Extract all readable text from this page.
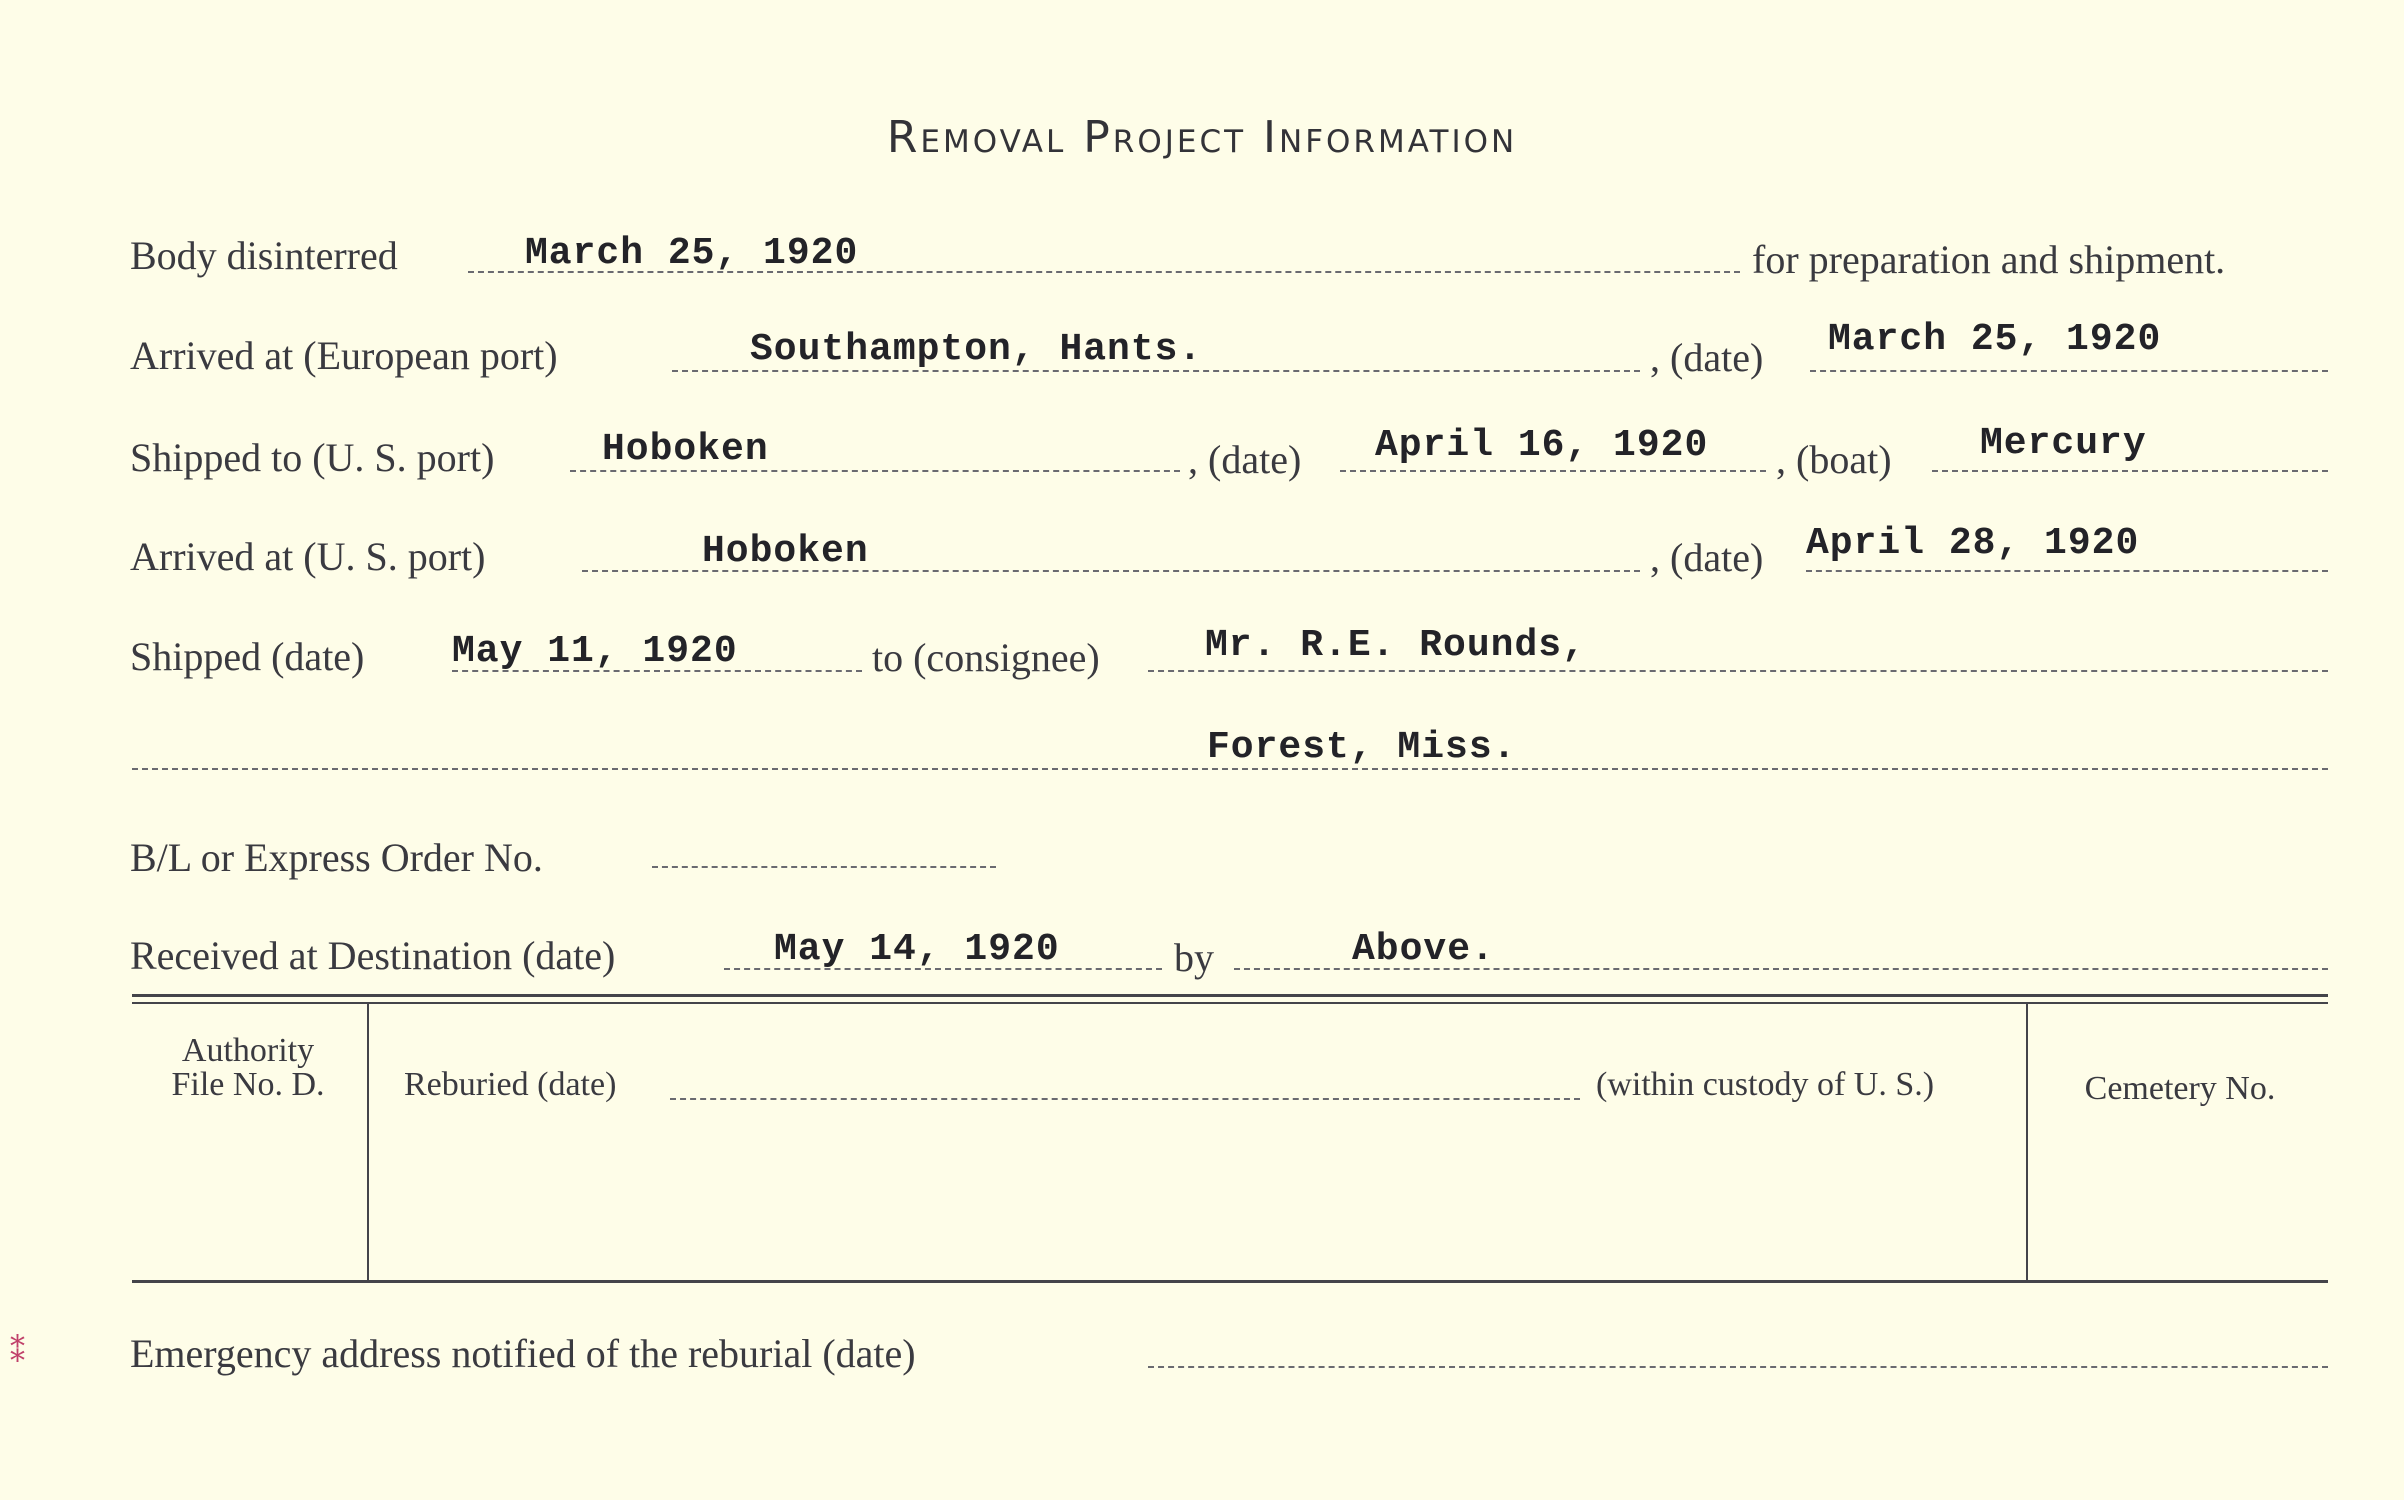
Removal Project Information
Body disinterred	March 25, 1920	for preparation and shipment.
Arrived at (European port)	Southampton, Hants.	, (date) March 25, 1920
Shipped to (U. S. port)	Hoboken	, (date) April 16, 1920 , (boat) Mercury
Arrived at (U. S. port)	Hoboken	, (date) April 28, 1920
Shipped (date) May 11, 1920	to (consignee)	Mr. R.E. Rounds,
Forest, Miss.
B/L or Express Order No.
Received at Destination (date)	May 14, 1920	by	Above.
Authority
File No. D.	Reburied (date)	(within custody of U. S.)	Cemetery No.
Emergency address notified of the reburial (date)
⁑
